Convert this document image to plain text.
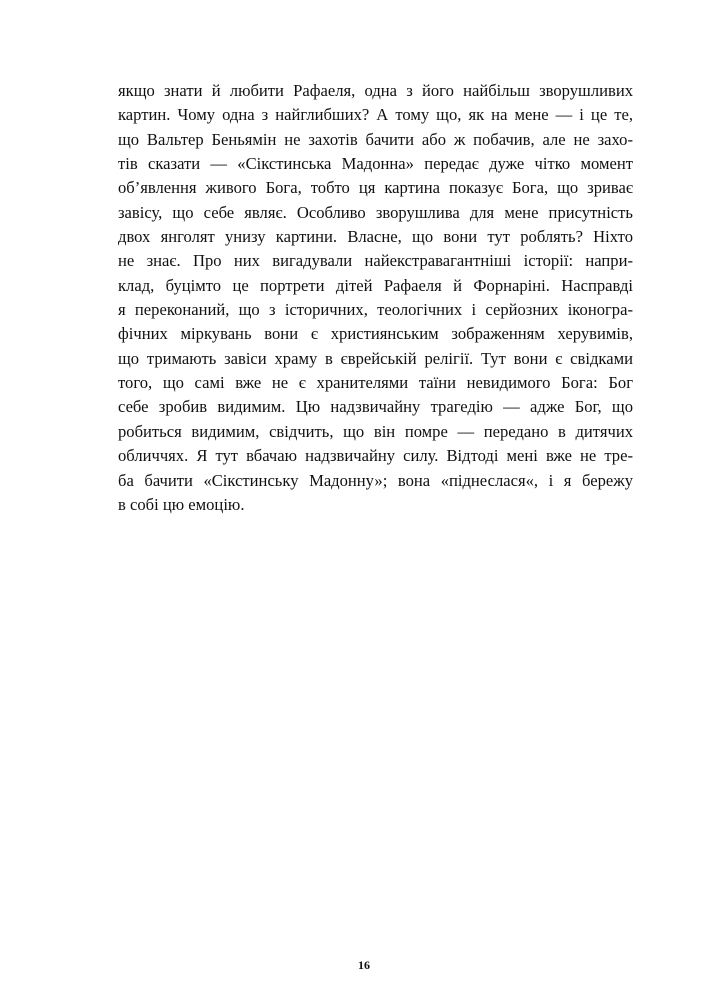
якщо знати й любити Рафаеля, одна з його найбільш зворушливих
картин. Чому одна з найглибших? А тому що, як на мене — і це те,
що Вальтер Беньямін не захотів бачити або ж побачив, але не захо-
тів сказати — «Сікстинська Мадонна» передає дуже чітко момент
об’явлення живого Бога, тобто ця картина показує Бога, що зриває
завісу, що себе являє. Особливо зворушлива для мене присутність
двох янголят унизу картини. Власне, що вони тут роблять? Ніхто
не знає. Про них вигадували найекстравагантніші історії: напри-
клад, буцімто це портрети дітей Рафаеля й Форнаріні. Насправді
я переконаний, що з історичних, теологічних і серйозних іконогра-
фічних міркувань вони є християнським зображенням херувимів,
що тримають завіси храму в єврейській релігії. Тут вони є свідками
того, що самі вже не є хранителями таїни невидимого Бога: Бог
себе зробив видимим. Цю надзвичайну трагедію — адже Бог, що
робиться видимим, свідчить, що він помре — передано в дитячих
обличчях. Я тут вбачаю надзвичайну силу. Відтоді мені вже не тре-
ба бачити «Сікстинську Мадонну»; вона «піднеслася«, і я бережу
в собі цю емоцію.
16
